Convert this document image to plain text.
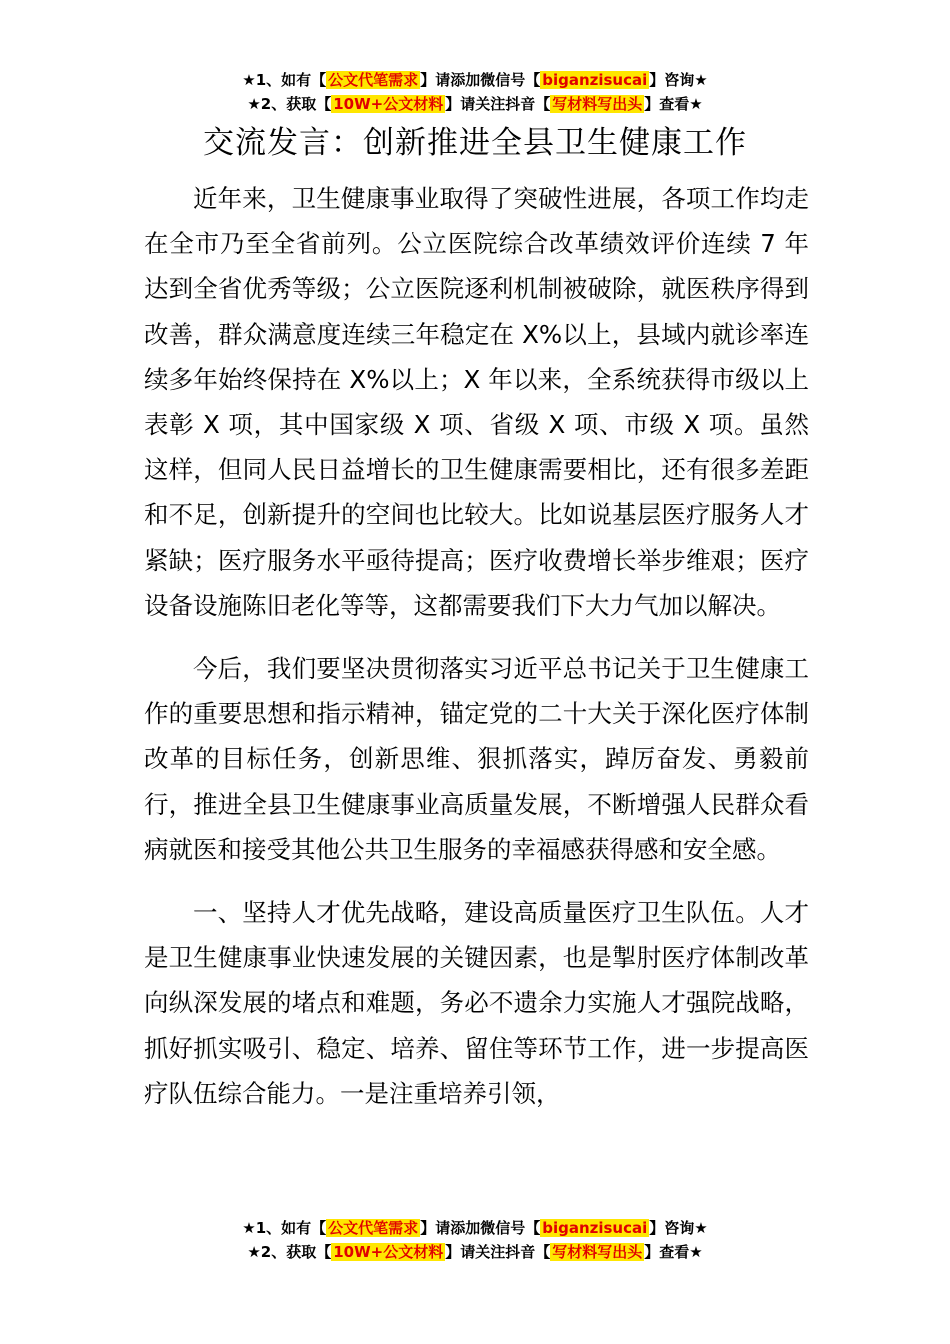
★1、如有【 公文代笔需求 】请添加微信号【 biganzisucai 】咨询★
★2、获取【 10W+公文材料 】请关注抖音【 写材料写出头 】查看★
交流发言：创新推进全县卫生健康工作

近年来，卫生健康事业取得了突破性进展，各项工作均走在全市乃至全省前列。公立医院综合改革绩效评价连续 7 年达到全省优秀等级；公立医院逐利机制被破除，就医秩序得到改善，群众满意度连续三年稳定在 X%以上，县域内就诊率连续多年始终保持在 X%以上；X 年以来，全系统获得市级以上表彰 X 项，其中国家级 X 项、省级 X 项、市级 X 项。虽然这样，但同人民日益增长的卫生健康需要相比，还有很多差距和不足，创新提升的空间也比较大。比如说基层医疗服务人才紧缺；医疗服务水平亟待提高；医疗收费增长举步维艰；医疗设备设施陈旧老化等等，这都需要我们下大力气加以解决。

今后，我们要坚决贯彻落实习近平总书记关于卫生健康工作的重要思想和指示精神，锚定党的二十大关于深化医疗体制改革的目标任务，创新思维、狠抓落实，踔厉奋发、勇毅前行，推进全县卫生健康事业高质量发展，不断增强人民群众看病就医和接受其他公共卫生服务的幸福感获得感和安全感。

一、坚持人才优先战略，建设高质量医疗卫生队伍。人才是卫生健康事业快速发展的关键因素，也是掣肘医疗体制改革向纵深发展的堵点和难题，务必不遗余力实施人才强院战略，抓好抓实吸引、稳定、培养、留住等环节工作，进一步提高医疗队伍综合能力。一是注重培养引领，

★1、如有【 公文代笔需求 】请添加微信号【 biganzisucai 】咨询★
★2、获取【 10W+公文材料 】请关注抖音【 写材料写出头 】查看★
